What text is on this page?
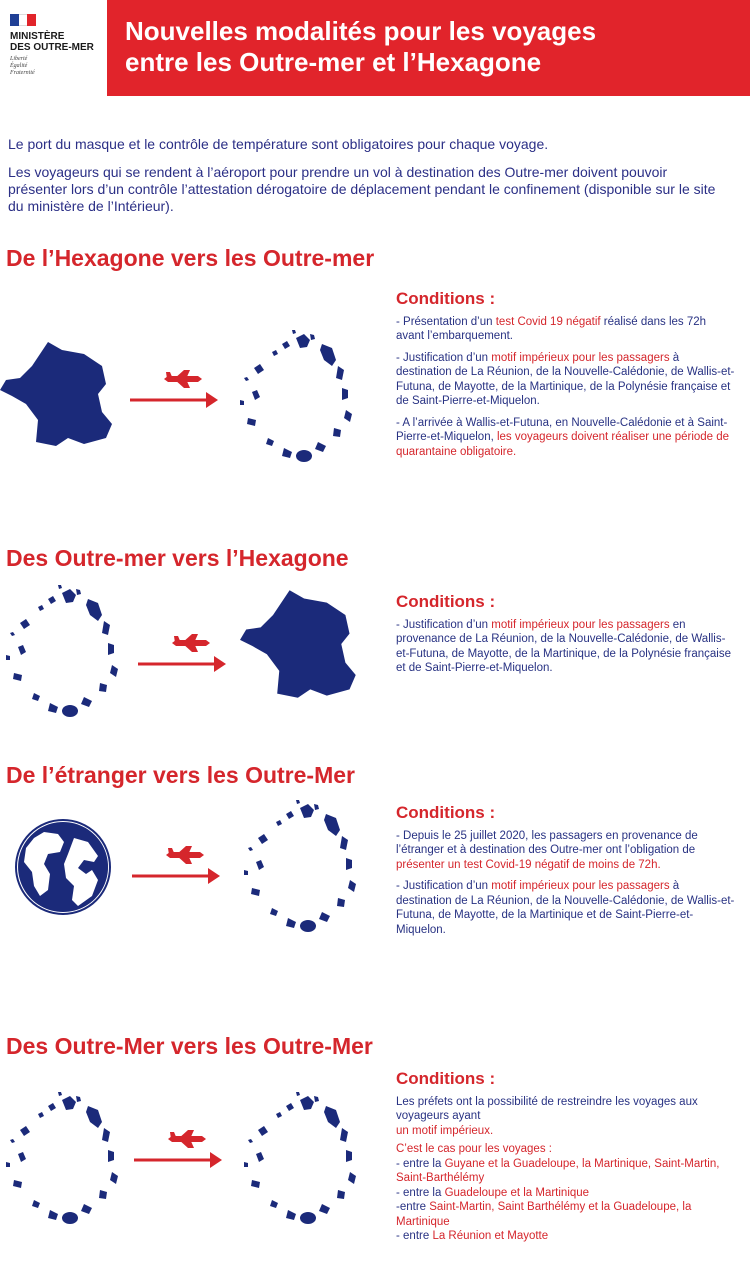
MINISTÈRE
DES OUTRE-MER
Liberté
Égalité
Fraternité
Nouvelles modalités pour les voyages
entre les Outre-mer et l’Hexagone

Le port du masque et le contrôle de température sont obligatoires pour chaque voyage.

Les voyageurs qui se rendent à l’aéroport pour prendre un vol à destination des Outre-mer doivent pouvoir présenter lors d’un contrôle l’attestation dérogatoire de déplacement pendant le confinement (disponible sur le site du ministère de l’Intérieur).

De l’Hexagone vers les Outre-mer
Conditions :

- Présentation d’un test Covid 19 négatif réalisé dans les 72h avant l’embarquement.

- Justification d’un motif impérieux pour les passagers à destination de La Réunion, de la Nouvelle-Calédonie, de Wallis-et-Futuna, de Mayotte, de la Martinique, de la Polynésie française et de Saint-Pierre-et-Miquelon.

- A l’arrivée à Wallis-et-Futuna, en Nouvelle-Calédonie et à Saint-Pierre-et-Miquelon, les voyageurs doivent réaliser une période de quarantaine obligatoire.

Des Outre-mer vers l’Hexagone
Conditions :

- Justification d’un motif impérieux pour les passagers en provenance de La Réunion, de la Nouvelle-Calédonie, de Wallis-et-Futuna, de Mayotte, de la Martinique, de la Polynésie française et de Saint-Pierre-et-Miquelon.

De l’étranger vers les Outre-Mer
Conditions :

- Depuis le 25 juillet 2020, les passagers en provenance de l’étranger et à destination des Outre-mer ont l’obligation de présenter un test Covid-19 négatif de moins de 72h.

- Justification d’un motif impérieux pour les passagers à destination de La Réunion, de la Nouvelle-Calédonie, de Wallis-et-Futuna, de Mayotte, de la Martinique et de Saint-Pierre-et-Miquelon.

Des Outre-Mer vers les Outre-Mer
Conditions :

Les préfets ont la possibilité de restreindre les voyages aux voyageurs ayant
un motif impérieux.

C’est le cas pour les voyages :

- entre la Guyane et la Guadeloupe, la Martinique, Saint-Martin, Saint-Barthélémy

- entre la Guadeloupe et la Martinique

-entre Saint-Martin, Saint Barthélémy et la Guadeloupe, la Martinique

- entre La Réunion et Mayotte
